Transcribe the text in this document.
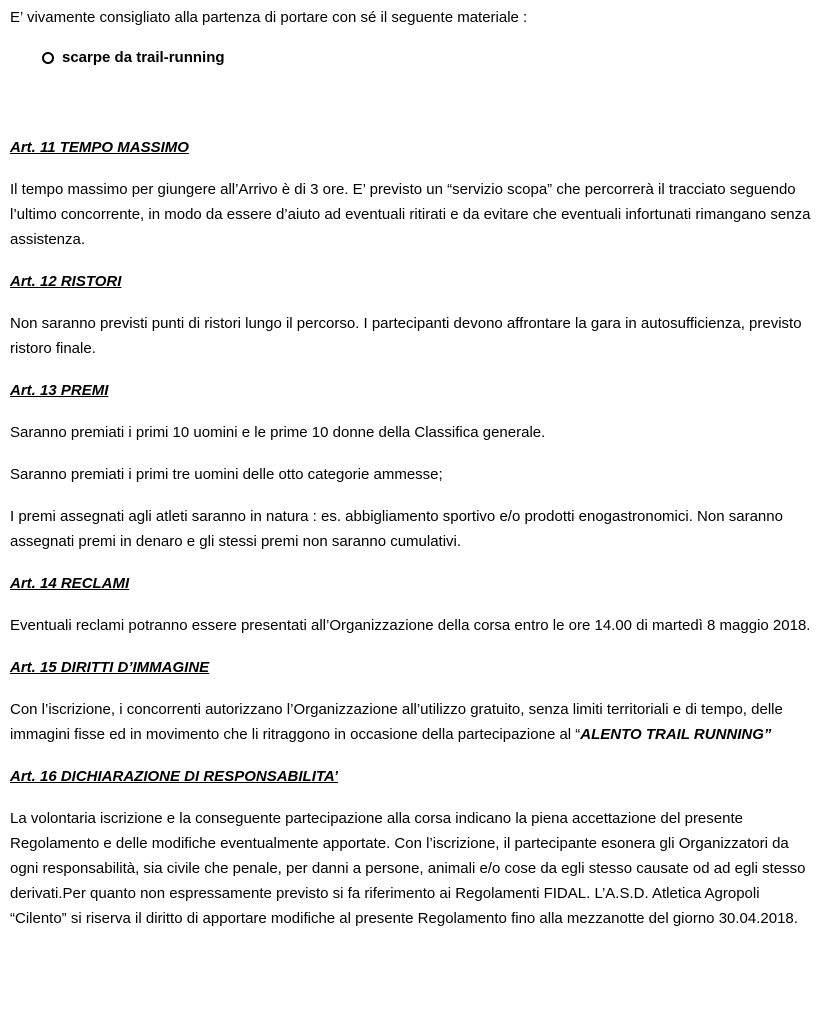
E’ vivamente consigliato alla partenza di portare con sé il seguente materiale :

scarpe da trail-running

Art. 11 TEMPO MASSIMO

Il tempo massimo per giungere all’Arrivo è di 3 ore. E’ previsto un “servizio scopa” che percorrerà il tracciato seguendo l’ultimo concorrente, in modo da essere d’aiuto ad eventuali ritirati e da evitare che eventuali infortunati rimangano senza assistenza.

Art. 12 RISTORI

Non saranno previsti punti di ristori lungo il percorso. I partecipanti devono affrontare la gara in autosufficienza, previsto ristoro finale.

Art. 13 PREMI

Saranno premiati i primi 10 uomini e le prime 10 donne della Classifica generale.

Saranno premiati i primi tre uomini delle otto categorie ammesse;

I premi assegnati agli atleti saranno in natura : es. abbigliamento sportivo e/o prodotti enogastronomici. Non saranno assegnati premi in denaro e gli stessi premi non saranno cumulativi.

Art. 14 RECLAMI

Eventuali reclami potranno essere presentati all’Organizzazione della corsa entro le ore 14.00 di martedì 8 maggio 2018.

Art. 15 DIRITTI D’IMMAGINE

Con l’iscrizione, i concorrenti autorizzano l’Organizzazione all’utilizzo gratuito, senza limiti territoriali e di tempo, delle immagini fisse ed in movimento che li ritraggono in occasione della partecipazione al “ALENTO TRAIL RUNNING”

Art. 16 DICHIARAZIONE DI RESPONSABILITA’

La volontaria iscrizione e la conseguente partecipazione alla corsa indicano la piena accettazione del presente Regolamento e delle modifiche eventualmente apportate. Con l’iscrizione, il partecipante esonera gli Organizzatori da ogni responsabilità, sia civile che penale, per danni a persone, animali e/o cose da egli stesso causate od ad egli stesso derivati.Per quanto non espressamente previsto si fa riferimento ai Regolamenti FIDAL. L’A.S.D. Atletica Agropoli “Cilento” si riserva il diritto di apportare modifiche al presente Regolamento fino alla mezzanotte del giorno 30.04.2018.
